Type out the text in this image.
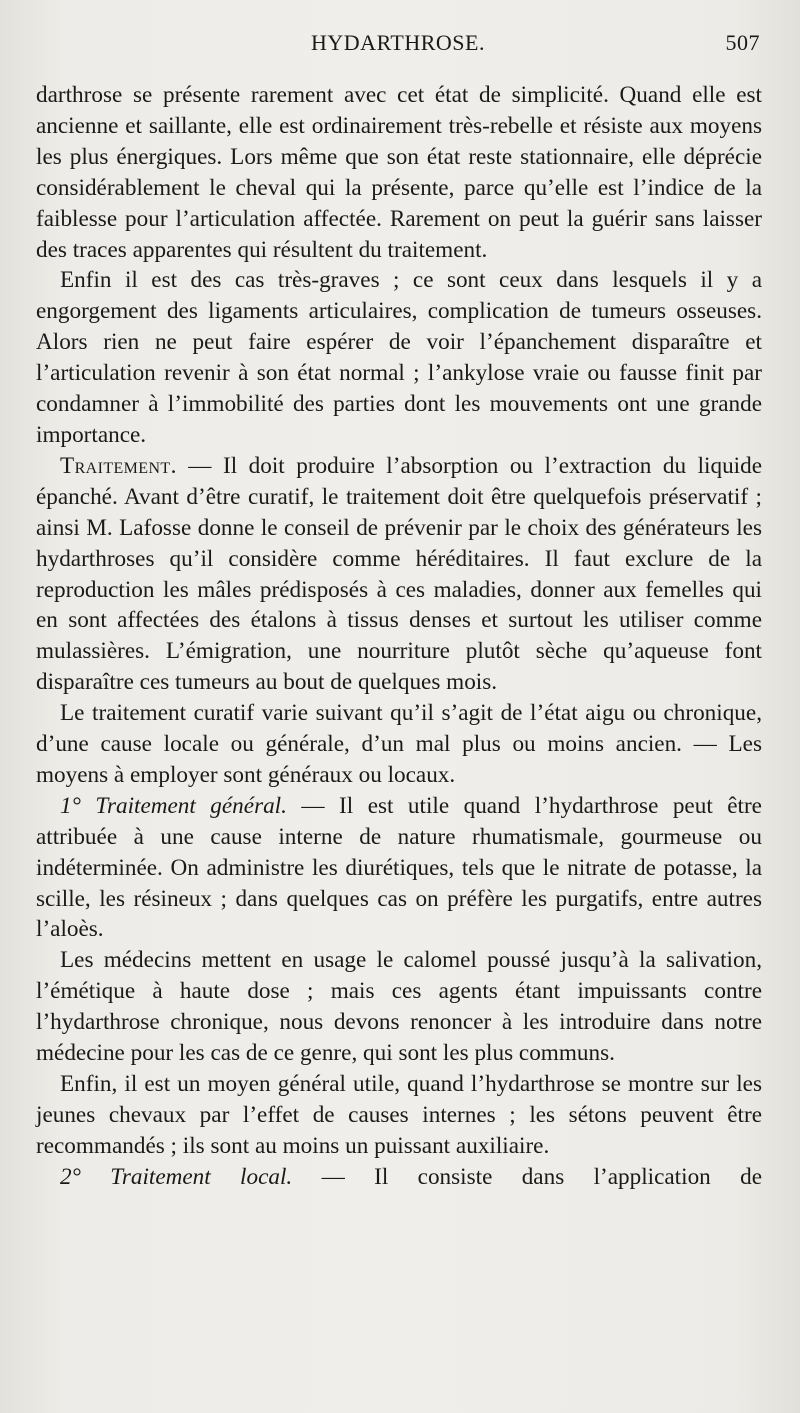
HYDARTHROSE.	507

darthrose se présente rarement avec cet état de simplicité. Quand elle est ancienne et saillante, elle est ordinairement très-rebelle et résiste aux moyens les plus énergiques. Lors même que son état reste stationnaire, elle déprécie considérablement le cheval qui la présente, parce qu’elle est l’indice de la faiblesse pour l’articulation affectée. Rarement on peut la guérir sans laisser des traces apparentes qui résultent du traitement.

Enfin il est des cas très-graves ; ce sont ceux dans lesquels il y a engorgement des ligaments articulaires, complication de tumeurs osseuses. Alors rien ne peut faire espérer de voir l’épanchement disparaître et l’articulation revenir à son état normal ; l’ankylose vraie ou fausse finit par condamner à l’immobilité des parties dont les mouvements ont une grande importance.

Traitement. — Il doit produire l’absorption ou l’extraction du liquide épanché. Avant d’être curatif, le traitement doit être quelquefois préservatif ; ainsi M. Lafosse donne le conseil de prévenir par le choix des générateurs les hydarthroses qu’il considère comme héréditaires. Il faut exclure de la reproduction les mâles prédisposés à ces maladies, donner aux femelles qui en sont affectées des étalons à tissus denses et surtout les utiliser comme mulassières. L’émigration, une nourriture plutôt sèche qu’aqueuse font disparaître ces tumeurs au bout de quelques mois.

Le traitement curatif varie suivant qu’il s’agit de l’état aigu ou chronique, d’une cause locale ou générale, d’un mal plus ou moins ancien. — Les moyens à employer sont généraux ou locaux.

1° Traitement général. — Il est utile quand l’hydarthrose peut être attribuée à une cause interne de nature rhumatismale, gourmeuse ou indéterminée. On administre les diurétiques, tels que le nitrate de potasse, la scille, les résineux ; dans quelques cas on préfère les purgatifs, entre autres l’aloès.

Les médecins mettent en usage le calomel poussé jusqu’à la salivation, l’émétique à haute dose ; mais ces agents étant impuissants contre l’hydarthrose chronique, nous devons renoncer à les introduire dans notre médecine pour les cas de ce genre, qui sont les plus communs.

Enfin, il est un moyen général utile, quand l’hydarthrose se montre sur les jeunes chevaux par l’effet de causes internes ; les sétons peuvent être recommandés ; ils sont au moins un puissant auxiliaire.

2° Traitement local. — Il consiste dans l’application de
